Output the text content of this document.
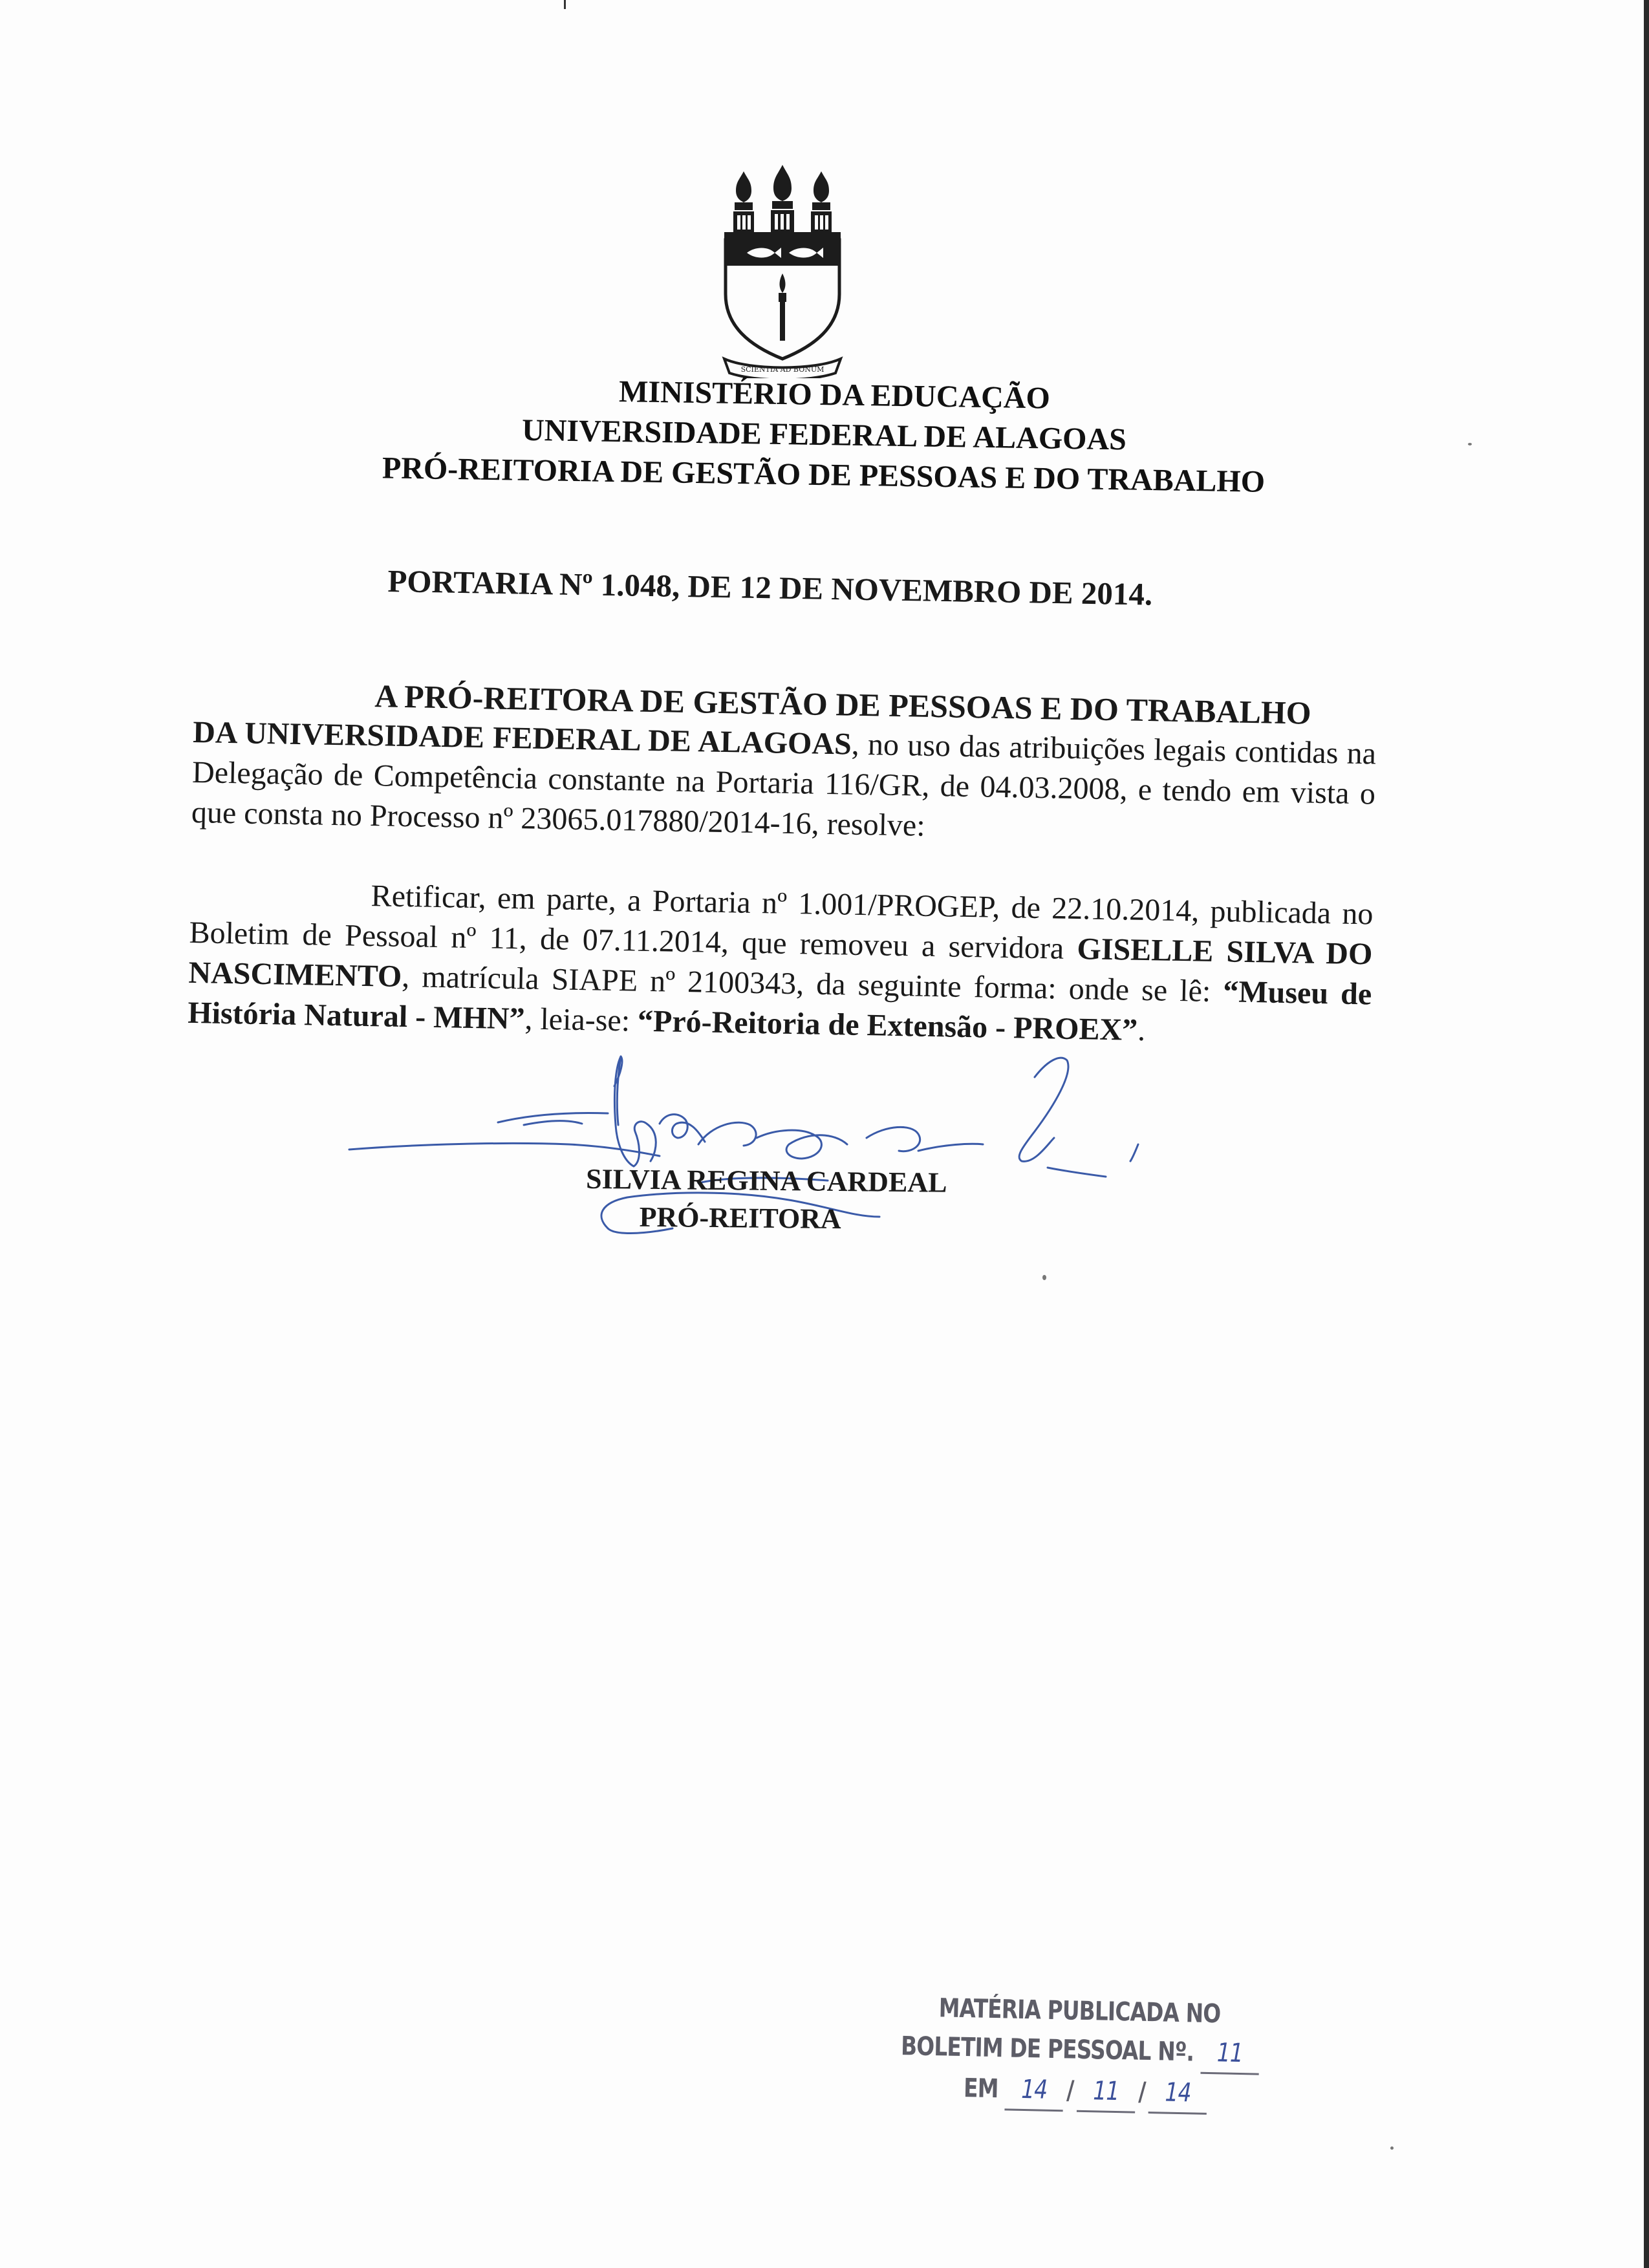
SCIENTIA AD BONUM
MINISTÉRIO DA EDUCAÇÃO
UNIVERSIDADE FEDERAL DE ALAGOAS
PRÓ-REITORIA DE GESTÃO DE PESSOAS E DO TRABALHO
PORTARIA Nº 1.048, DE 12 DE NOVEMBRO DE 2014.

A PRÓ-REITORA DE GESTÃO DE PESSOAS E DO TRABALHO
DA UNIVERSIDADE FEDERAL DE ALAGOAS, no uso das atribuições legais contidas na Delegação de Competência constante na Portaria 116/GR, de 04.03.2008, e tendo em vista o que consta no Processo nº 23065.017880/2014-16, resolve:

Retificar, em parte, a Portaria nº 1.001/PROGEP, de 22.10.2014, publicada no Boletim de Pessoal nº 11, de 07.11.2014, que removeu a servidora GISELLE SILVA DO NASCIMENTO, matrícula SIAPE nº 2100343, da seguinte forma: onde se lê: “Museu de História Natural - MHN”, leia-se: “Pró-Reitoria de Extensão - PROEX”.

SILVIA REGINA CARDEAL
PRÓ-REITORA
MATÉRIA PUBLICADA NO
BOLETIM DE PESSOAL Nº. 11
EM 14 / 11 / 14
